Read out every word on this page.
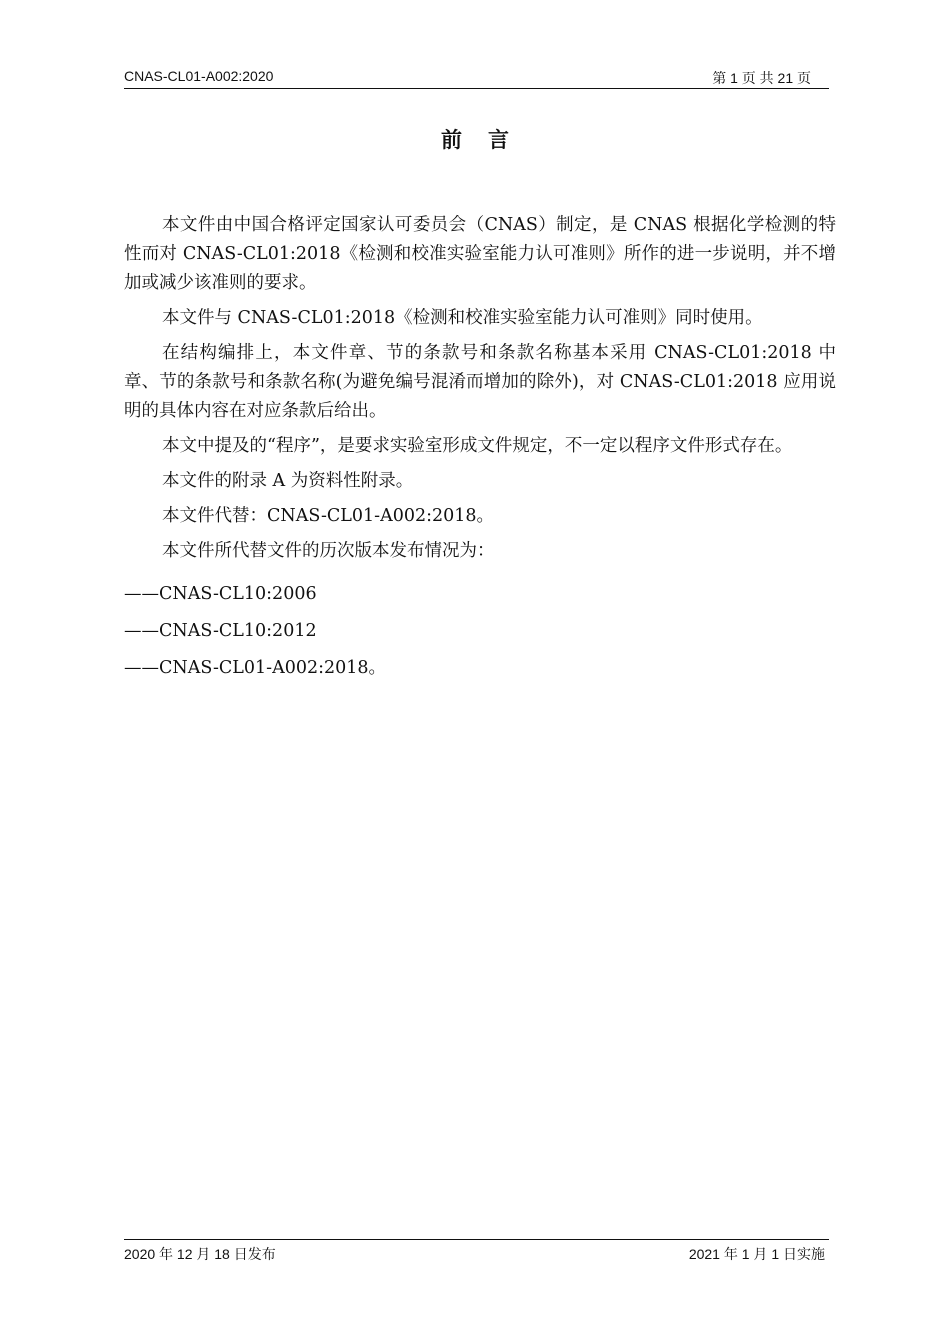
CNAS-CL01-A002:2020	第 1 页 共 21 页
前言

本文件由中国合格评定国家认可委员会（CNAS）制定，是 CNAS 根据化学检测的特性而对 CNAS-CL01:2018《检测和校准实验室能力认可准则》所作的进一步说明，并不增加或减少该准则的要求。

本文件与 CNAS-CL01:2018《检测和校准实验室能力认可准则》同时使用。

在结构编排上，本文件章、节的条款号和条款名称基本采用 CNAS-CL01:2018 中章、节的条款号和条款名称(为避免编号混淆而增加的除外)，对 CNAS-CL01:2018 应用说明的具体内容在对应条款后给出。

本文中提及的“程序”，是要求实验室形成文件规定，不一定以程序文件形式存在。

本文件的附录 A 为资料性附录。

本文件代替：CNAS-CL01-A002:2018。

本文件所代替文件的历次版本发布情况为：

——CNAS-CL10:2006

——CNAS-CL10:2012

——CNAS-CL01-A002:2018。

2020 年 12 月 18 日发布	2021 年 1 月 1 日实施
